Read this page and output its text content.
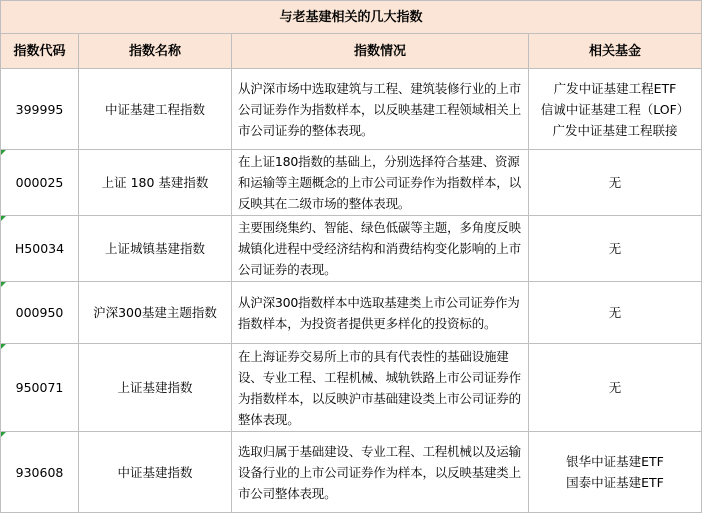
与老基建相关的几大指数			
指数代码	指数名称	指数情况	相关基金
399995	中证基建工程指数	从沪深市场中选取建筑与工程、建筑装修行业的上市公司证券作为指数样本，以反映基建工程领域相关上市公司证券的整体表现。	广发中证基建工程ETF
信诚中证基建工程（LOF）
广发中证基建工程联接

000025	上证 180 基建指数	在上证180指数的基础上，分别选择符合基建、资源和运输等主题概念的上市公司证券作为指数样本，以反映其在二级市场的整体表现。	无

H50034	上证城镇基建指数	主要围绕集约、智能、绿色低碳等主题，多角度反映城镇化进程中受经济结构和消费结构变化影响的上市公司证券的表现。	无

000950	沪深300基建主题指数	从沪深300指数样本中选取基建类上市公司证券作为指数样本，为投资者提供更多样化的投资标的。	无

950071	上证基建指数	在上海证券交易所上市的具有代表性的基础设施建设、专业工程、工程机械、城轨铁路上市公司证券作为指数样本，以反映沪市基础建设类上市公司证券的整体表现。	无

930608	中证基建指数	选取归属于基础建设、专业工程、工程机械以及运输设备行业的上市公司证券作为样本，以反映基建类上市公司整体表现。	银华中证基建ETF
国泰中证基建ETF
